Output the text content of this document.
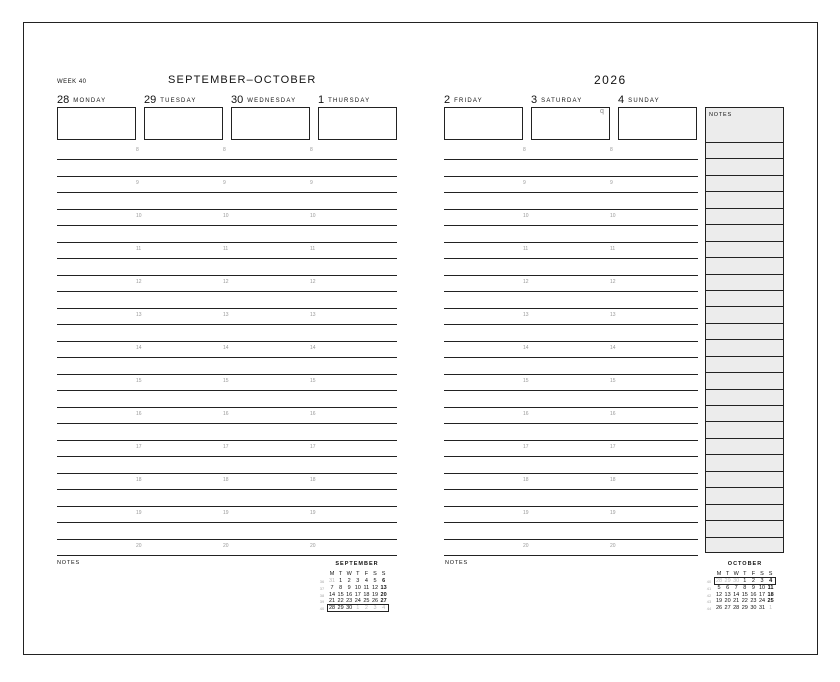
WEEK 40	SEPTEMBER–OCTOBER	2026
28 MONDAY	29 TUESDAY	30 WEDNESDAY 1 THURSDAY	2 FRIDAY	3 SATURDAY	4 SUNDAY
q
8	8	8	8	8
9	9	9	9	9
10	10	10	10	10
11	11	11	11	11
12	12	12	12	12
13	13	13	13	13
14	14	14	14	14
15	15	15	15	15
16	16	16	16	16
17	17	17	17	17
18	18	18	18	18
19	19	19	19	19
20	20	20	20	20
NOTES
NOTES	NOTES
SEPTEMBER
M T W T F S S
36 31 1	2	3	4	5	6
37	7	8	9 10 11 12 13
38 14 15 16 17 18 19 20
39 21 22 23 24 25 26 27
40 28 29 30 1	2	3	4
OCTOBER
M T W T F S S
40 28 29 30 1	2	3	4
41	5	6	7	8	9 10 11
42 12 13 14 15 16 17 18
43 19 20 21 22 23 24 25
44 26 27 28 29 30 31 1
